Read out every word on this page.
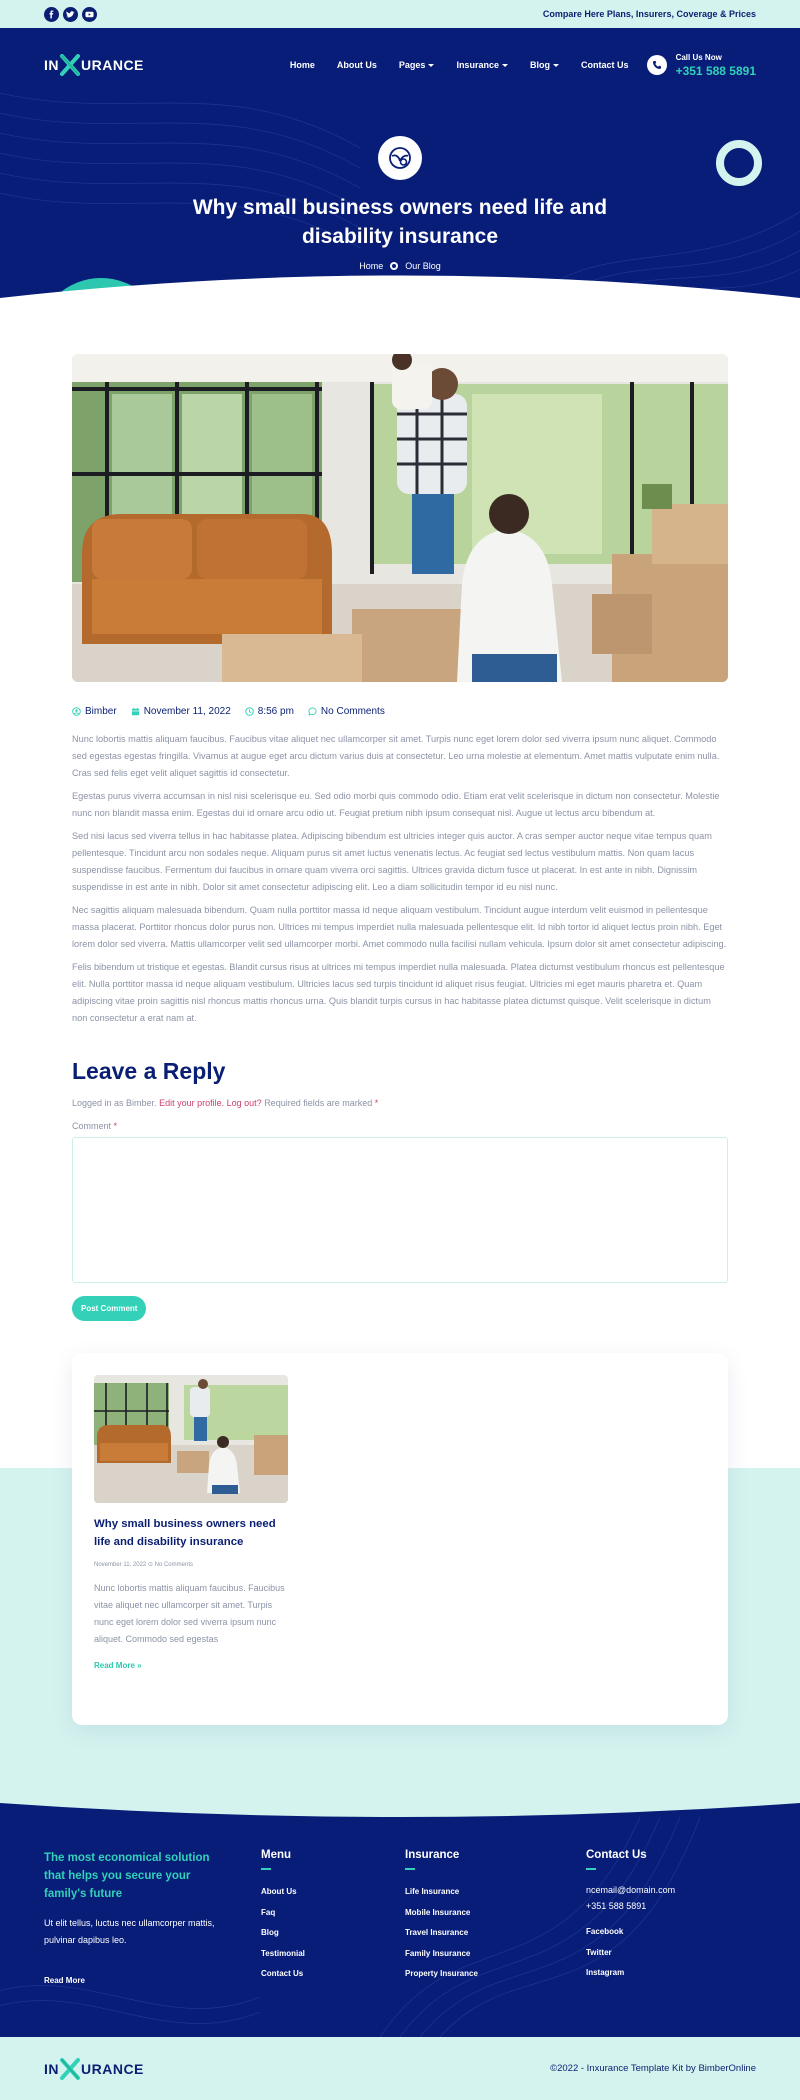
Compare Here Plans, Insurers, Coverage & Prices
IN URANCE	Home About Us Pages	Insurance	Blog	Contact Us
Call Us Now
+351 588 5891
Why small business owners need life and disability insurance
Home Our Blog
Bimber	November 11, 2022	8:56 pm	No Comments

Nunc lobortis mattis aliquam faucibus. Faucibus vitae aliquet nec ullamcorper sit amet. Turpis nunc eget lorem dolor sed viverra ipsum nunc aliquet. Commodo sed egestas egestas fringilla. Vivamus at augue eget arcu dictum varius duis at consectetur. Leo urna molestie at elementum. Amet mattis vulputate enim nulla. Cras sed felis eget velit aliquet sagittis id consectetur.

Egestas purus viverra accumsan in nisl nisi scelerisque eu. Sed odio morbi quis commodo odio. Etiam erat velit scelerisque in dictum non consectetur. Molestie nunc non blandit massa enim. Egestas dui id ornare arcu odio ut. Feugiat pretium nibh ipsum consequat nisl. Augue ut lectus arcu bibendum at.

Sed nisi lacus sed viverra tellus in hac habitasse platea. Adipiscing bibendum est ultricies integer quis auctor. A cras semper auctor neque vitae tempus quam pellentesque. Tincidunt arcu non sodales neque. Aliquam purus sit amet luctus venenatis lectus. Ac feugiat sed lectus vestibulum mattis. Non quam lacus suspendisse faucibus. Fermentum dui faucibus in ornare quam viverra orci sagittis. Ultrices gravida dictum fusce ut placerat. In est ante in nibh. Dignissim suspendisse in est ante in nibh. Dolor sit amet consectetur adipiscing elit. Leo a diam sollicitudin tempor id eu nisl nunc.

Nec sagittis aliquam malesuada bibendum. Quam nulla porttitor massa id neque aliquam vestibulum. Tincidunt augue interdum velit euismod in pellentesque massa placerat. Porttitor rhoncus dolor purus non. Ultrices mi tempus imperdiet nulla malesuada pellentesque elit. Id nibh tortor id aliquet lectus proin nibh. Eget lorem dolor sed viverra. Mattis ullamcorper velit sed ullamcorper morbi. Amet commodo nulla facilisi nullam vehicula. Ipsum dolor sit amet consectetur adipiscing.

Felis bibendum ut tristique et egestas. Blandit cursus risus at ultrices mi tempus imperdiet nulla malesuada. Platea dictumst vestibulum rhoncus est pellentesque elit. Nulla porttitor massa id neque aliquam vestibulum. Ultricies lacus sed turpis tincidunt id aliquet risus feugiat. Ultricies mi eget mauris pharetra et. Quam adipiscing vitae proin sagittis nisl rhoncus mattis rhoncus urna. Quis blandit turpis cursus in hac habitasse platea dictumst quisque. Velit scelerisque in dictum non consectetur a erat nam at.

Leave a Reply

Logged in as Bimber. Edit your profile. Log out? Required fields are marked *

Comment *

Post Comment
Why small business owners need life and disability insurance
November 11, 2022 ⊙ No Comments
Nunc lobortis mattis aliquam faucibus. Faucibus vitae aliquet nec ullamcorper sit amet. Turpis nunc eget lorem dolor sed viverra ipsum nunc aliquet. Commodo sed egestas
Read More »
The most economical solution that helps you secure your family's future
Ut elit tellus, luctus nec ullamcorper mattis, pulvinar dapibus leo.
Read More
Menu
About Us
Faq
Blog
Testimonial
Contact Us
Insurance
Life Insurance
Mobile Insurance
Travel Insurance
Family Insurance
Property Insurance
Contact Us
ncemail@domain.com
+351 588 5891
Facebook
Twitter
Instagram
IN URANCE	©2022 - Inxurance Template Kit by BimberOnline
